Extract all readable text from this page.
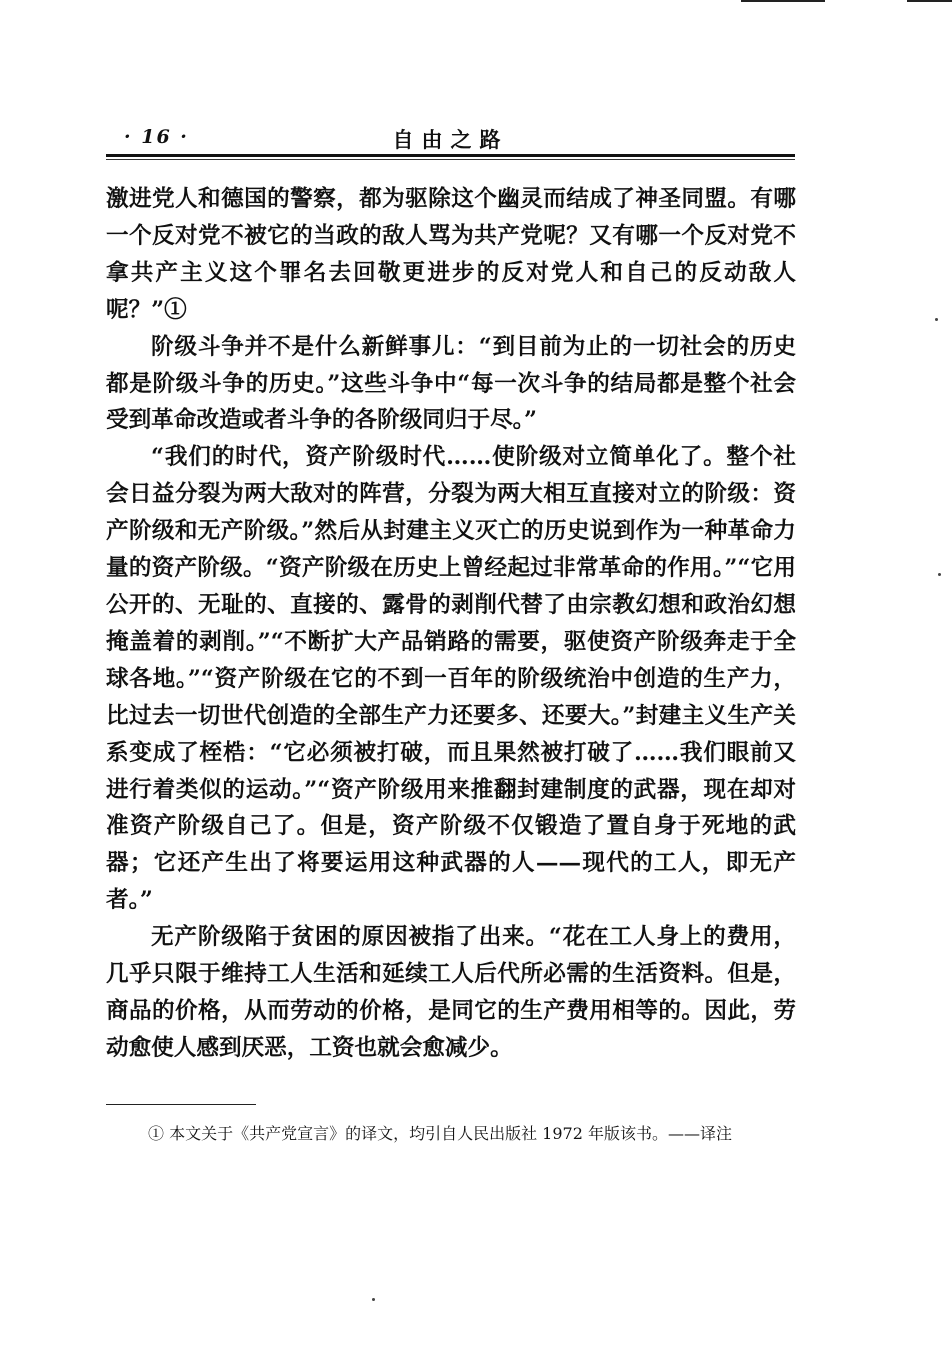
· 16 ·	自由之路

激进党人和德国的警察，都为驱除这个幽灵而结成了神圣同盟。有哪一个反对党不被它的当政的敌人骂为共产党呢？又有哪一个反对党不拿共产主义这个罪名去回敬更进步的反对党人和自己的反动敌人呢？”①

阶级斗争并不是什么新鲜事儿：“到目前为止的一切社会的历史都是阶级斗争的历史。”这些斗争中“每一次斗争的结局都是整个社会受到革命改造或者斗争的各阶级同归于尽。”

“我们的时代，资产阶级时代……使阶级对立简单化了。整个社会日益分裂为两大敌对的阵营，分裂为两大相互直接对立的阶级：资产阶级和无产阶级。”然后从封建主义灭亡的历史说到作为一种革命力量的资产阶级。“资产阶级在历史上曾经起过非常革命的作用。”“它用公开的、无耻的、直接的、露骨的剥削代替了由宗教幻想和政治幻想掩盖着的剥削。”“不断扩大产品销路的需要，驱使资产阶级奔走于全球各地。”“资产阶级在它的不到一百年的阶级统治中创造的生产力，比过去一切世代创造的全部生产力还要多、还要大。”封建主义生产关系变成了桎梏：“它必须被打破，而且果然被打破了……我们眼前又进行着类似的运动。”“资产阶级用来推翻封建制度的武器，现在却对准资产阶级自己了。但是，资产阶级不仅锻造了置自身于死地的武器；它还产生出了将要运用这种武器的人——现代的工人，即无产者。”

无产阶级陷于贫困的原因被指了出来。“花在工人身上的费用，几乎只限于维持工人生活和延续工人后代所必需的生活资料。但是，商品的价格，从而劳动的价格，是同它的生产费用相等的。因此，劳动愈使人感到厌恶，工资也就会愈减少。

① 本文关于《共产党宣言》的译文，均引自人民出版社 1972 年版该书。——译注
